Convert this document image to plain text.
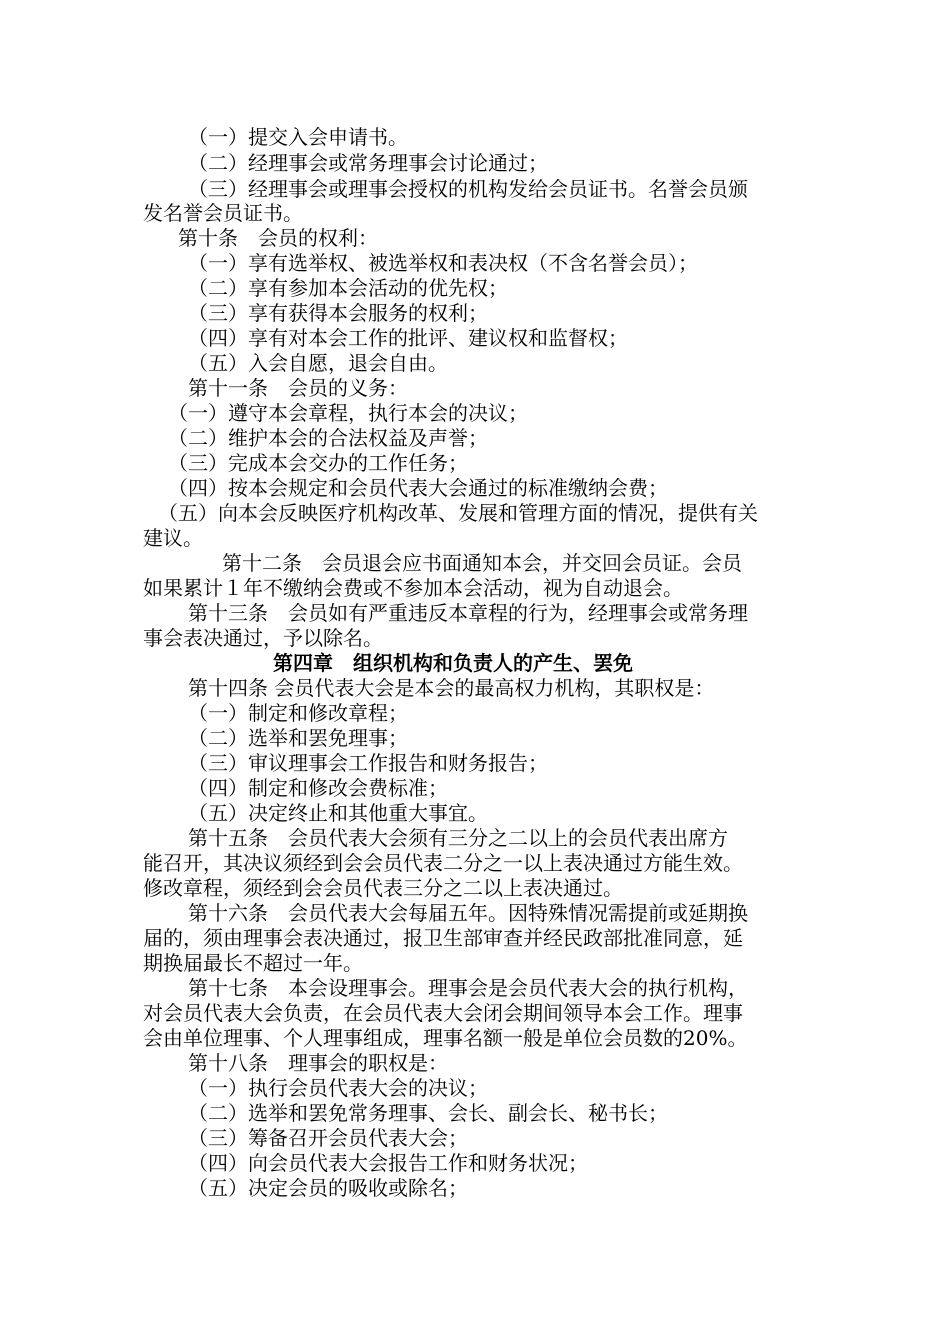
（一）提交入会申请书。
（二）经理事会或常务理事会讨论通过；
（三）经理事会或理事会授权的机构发给会员证书。名誉会员颁
发名誉会员证书。
第十条　会员的权利：
（一）享有选举权、被选举权和表决权（不含名誉会员）；
（二）享有参加本会活动的优先权；
（三）享有获得本会服务的权利；
（四）享有对本会工作的批评、建议权和监督权；
（五）入会自愿，退会自由。
第十一条　会员的义务：
（一）遵守本会章程，执行本会的决议；
（二）维护本会的合法权益及声誉；
（三）完成本会交办的工作任务；
（四）按本会规定和会员代表大会通过的标准缴纳会费；
（五）向本会反映医疗机构改革、发展和管理方面的情况，提供有关
建议。
第十二条　会员退会应书面通知本会，并交回会员证。会员
如果累计１年不缴纳会费或不参加本会活动，视为自动退会。
第十三条　会员如有严重违反本章程的行为，经理事会或常务理
事会表决通过，予以除名。
第四章　组织机构和负责人的产生、罢免
第十四条 会员代表大会是本会的最高权力机构，其职权是：
（一）制定和修改章程；
（二）选举和罢免理事；
（三）审议理事会工作报告和财务报告；
（四）制定和修改会费标准；
（五）决定终止和其他重大事宜。
第十五条　会员代表大会须有三分之二以上的会员代表出席方
能召开，其决议须经到会会员代表二分之一以上表决通过方能生效。
修改章程，须经到会会员代表三分之二以上表决通过。
第十六条　会员代表大会每届五年。因特殊情况需提前或延期换
届的，须由理事会表决通过，报卫生部审查并经民政部批准同意，延
期换届最长不超过一年。
第十七条　本会设理事会。理事会是会员代表大会的执行机构，
对会员代表大会负责，在会员代表大会闭会期间领导本会工作。理事
会由单位理事、个人理事组成，理事名额一般是单位会员数的20%。
第十八条　理事会的职权是：
（一）执行会员代表大会的决议；
（二）选举和罢免常务理事、会长、副会长、秘书长；
（三）筹备召开会员代表大会；
（四）向会员代表大会报告工作和财务状况；
（五）决定会员的吸收或除名；
